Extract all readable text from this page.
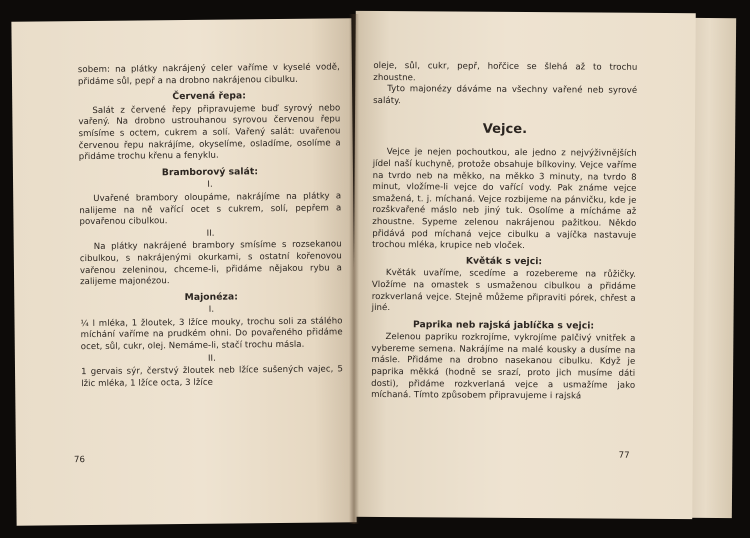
sobem: na plátky nakrájený celer vaříme v kyselé vodě, přidáme sůl, pepř a na drobno nakrájenou cibulku.

Červená řepa:

Salát z červené řepy připravujeme buď syrový nebo vařený. Na drobno ustrouhanou syrovou červenou řepu smísíme s octem, cukrem a solí. Vařený salát: uvařenou červenou řepu nakrájíme, okyselíme, osladíme, osolíme a přidáme trochu křenu a fenyklu.

Bramborový salát:
I.

Uvařené brambory oloupáme, nakrájíme na plátky a nalijeme na ně vařící ocet s cukrem, solí, pepřem a povařenou cibulkou.

II.

Na plátky nakrájené brambory smísíme s rozsekanou cibulkou, s nakrájenými okurkami, s ostatní kořenovou vařenou zeleninou, chceme-li, přidáme nějakou rybu a zalijeme majonézou.

Majonéza:
I.

¼ l mléka, 1 žloutek, 3 lžíce mouky, trochu soli za stálého míchání vaříme na prudkém ohni. Do povařeného přidáme ocet, sůl, cukr, olej. Nemáme-li, stačí trochu másla.

II.

1 gervais sýr, čerstvý žloutek neb lžíce sušených vajec, 5 lžic mléka, 1 lžíce octa, 3 lžíce

76

oleje, sůl, cukr, pepř, hořčice se šlehá až to trochu zhoustne.

Tyto majonézy dáváme na všechny vařené neb syrové saláty.

Vejce.

Vejce je nejen pochoutkou, ale jedno z nejvýživnějších jídel naší kuchyně, protože obsahuje bílkoviny. Vejce vaříme na tvrdo neb na měkko, na měkko 3 minuty, na tvrdo 8 minut, vložíme-li vejce do vařící vody. Pak známe vejce smažená, t. j. míchaná. Vejce rozbijeme na pánvičku, kde je rozškvařené máslo neb jiný tuk. Osolíme a mícháme až zhoustne. Sypeme zelenou nakrájenou pažitkou. Někdo přidává pod míchaná vejce cibulku a vajíčka nastavuje trochou mléka, krupice neb vloček.

Květák s vejci:

Květák uvaříme, scedíme a rozebereme na růžičky. Vložíme na omastek s usmaženou cibulkou a přidáme rozkverlaná vejce. Stejně můžeme připraviti pórek, chřest a jiné.

Paprika neb rajská jablíčka s vejci:

Zelenou papriku rozkrojíme, vykrojíme palčivý vnitřek a vybereme semena. Nakrájíme na malé kousky a dusíme na másle. Přidáme na drobno nasekanou cibulku. Když je paprika měkká (hodně se srazí, proto jich musíme dáti dosti), přidáme rozkverlaná vejce a usmažíme jako míchaná. Tímto způsobem připravujeme i rajská

77
